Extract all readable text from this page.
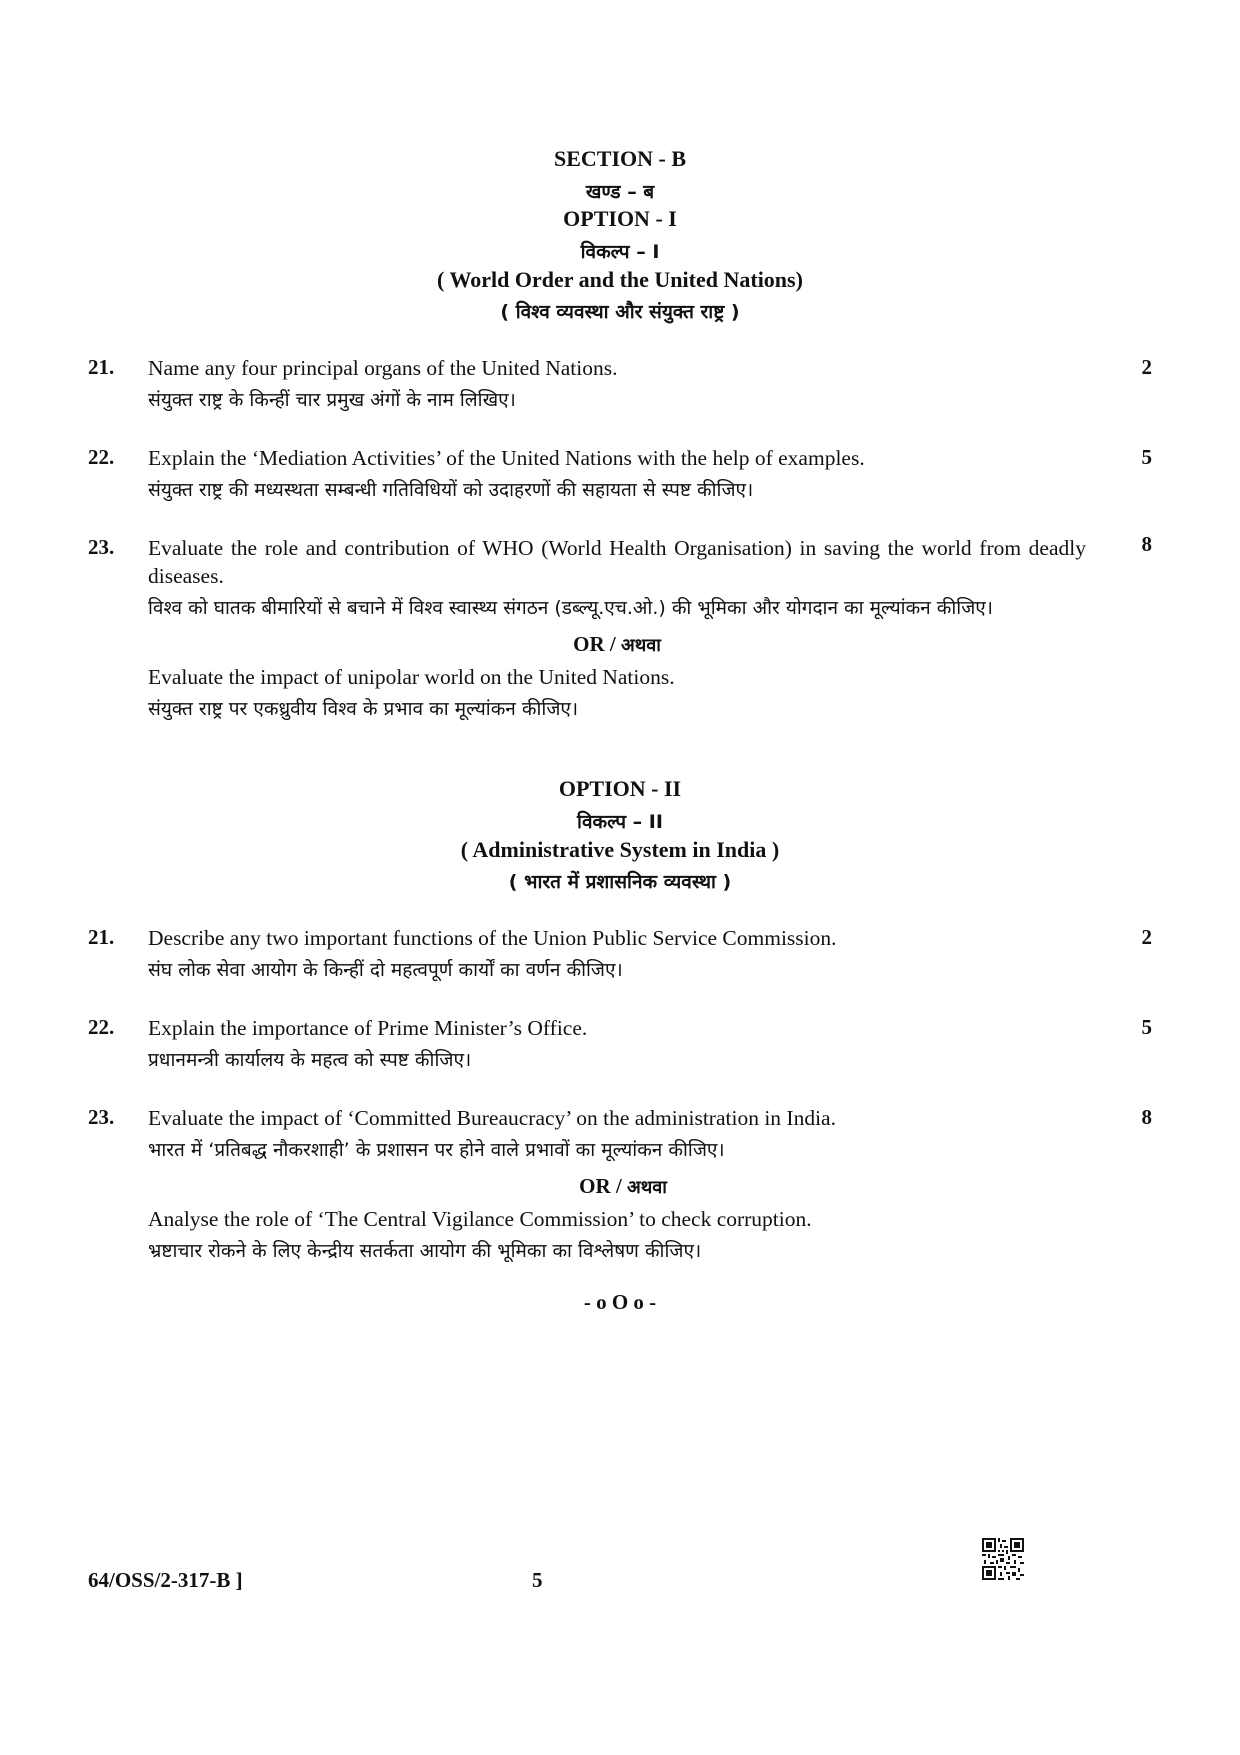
SECTION - B
खण्ड – ब
OPTION - I
विकल्प – I
( World Order and the United Nations)
( विश्व व्यवस्था और संयुक्त राष्ट्र )
21.	2
Name any four principal organs of the United Nations.
संयुक्त राष्ट्र के किन्हीं चार प्रमुख अंगों के नाम लिखिए।
22.	5
Explain the ‘Mediation Activities’ of the United Nations with the help of examples.
संयुक्त राष्ट्र की मध्यस्थता सम्बन्धी गतिविधियों को उदाहरणों की सहायता से स्पष्ट कीजिए।
23.	8
Evaluate the role and contribution of WHO (World Health Organisation) in saving the world from deadly diseases.
विश्व को घातक बीमारियों से बचाने में विश्व स्वास्थ्य संगठन (डब्ल्यू.एच.ओ.) की भूमिका और योगदान का मूल्यांकन कीजिए।
OR / अथवा
Evaluate the impact of unipolar world on the United Nations.
संयुक्त राष्ट्र पर एकध्रुवीय विश्व के प्रभाव का मूल्यांकन कीजिए।
OPTION - II
विकल्प – II
( Administrative System in India )
( भारत में प्रशासनिक व्यवस्था )
21.	2
Describe any two important functions of the Union Public Service Commission.
संघ लोक सेवा आयोग के किन्हीं दो महत्वपूर्ण कार्यों का वर्णन कीजिए।
22.	5
Explain the importance of Prime Minister’s Office.
प्रधानमन्त्री कार्यालय के महत्व को स्पष्ट कीजिए।
23.	8
Evaluate the impact of ‘Committed Bureaucracy’ on the administration in India.
भारत में ‘प्रतिबद्ध नौकरशाही’ के प्रशासन पर होने वाले प्रभावों का मूल्यांकन कीजिए।
OR / अथवा
Analyse the role of ‘The Central Vigilance Commission’ to check corruption.
भ्रष्टाचार रोकने के लिए केन्द्रीय सतर्कता आयोग की भूमिका का विश्लेषण कीजिए।
- o O o -
64/OSS/2-317-B ]	5
